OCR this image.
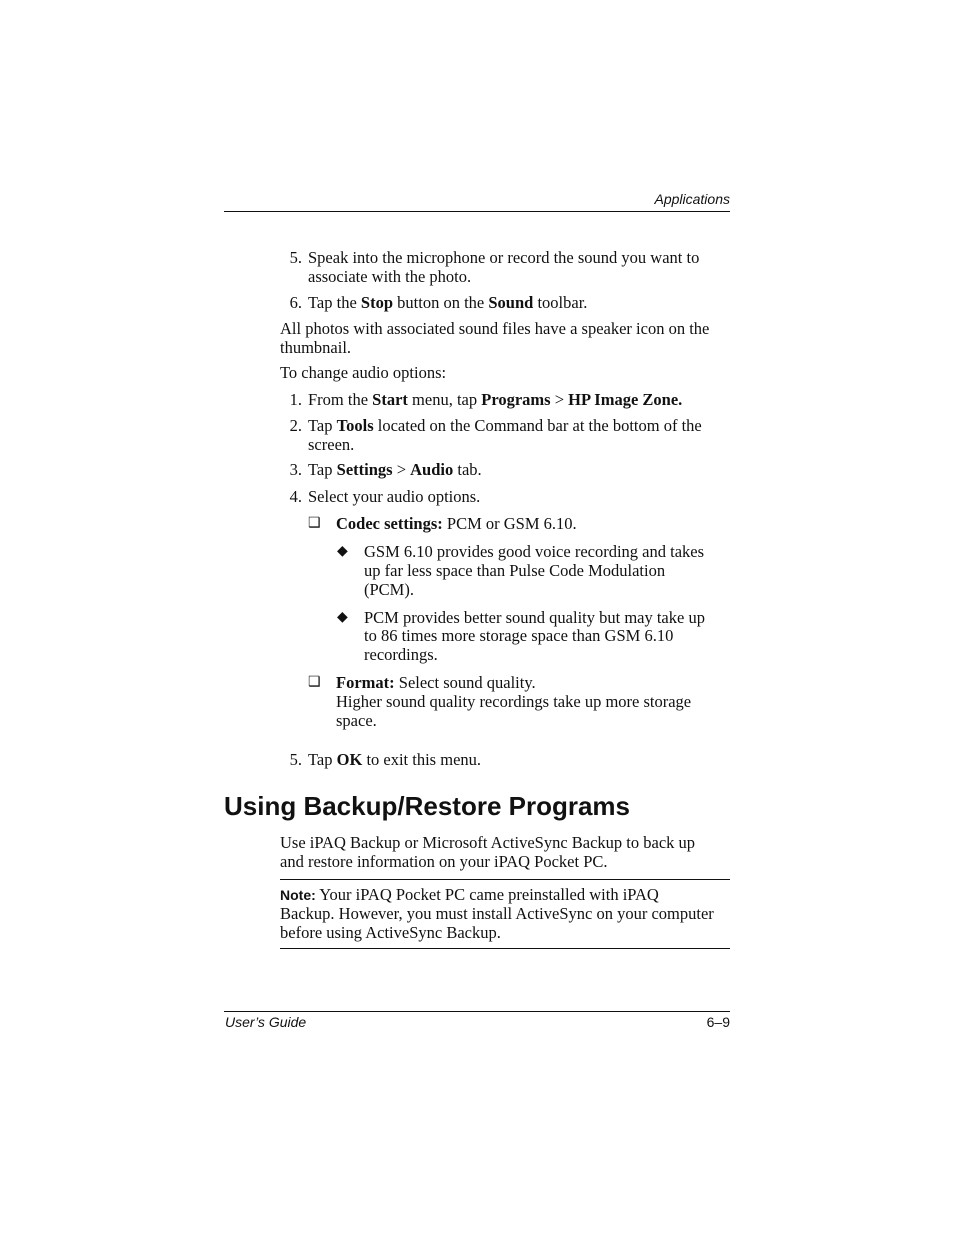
Applications
5. Speak into the microphone or record the sound you want to
associate with the photo.
6. Tap the Stop button on the Sound toolbar.
All photos with associated sound files have a speaker icon on the
thumbnail.
To change audio options:
1. From the Start menu, tap Programs > HP Image Zone.
2. Tap Tools located on the Command bar at the bottom of the
screen.
3. Tap Settings > Audio tab.
4. Select your audio options.
❑ Codec settings: PCM or GSM 6.10.
◆ GSM 6.10 provides good voice recording and takes
up far less space than Pulse Code Modulation
(PCM).
◆ PCM provides better sound quality but may take up
to 86 times more storage space than GSM 6.10
recordings.
❑ Format: Select sound quality.
Higher sound quality recordings take up more storage
space.
5. Tap OK to exit this menu.
Using Backup/Restore Programs
Use iPAQ Backup or Microsoft ActiveSync Backup to back up
and restore information on your iPAQ Pocket PC.
Note: Your iPAQ Pocket PC came preinstalled with iPAQ
Backup. However, you must install ActiveSync on your computer
before using ActiveSync Backup.
User’s Guide	6–9
